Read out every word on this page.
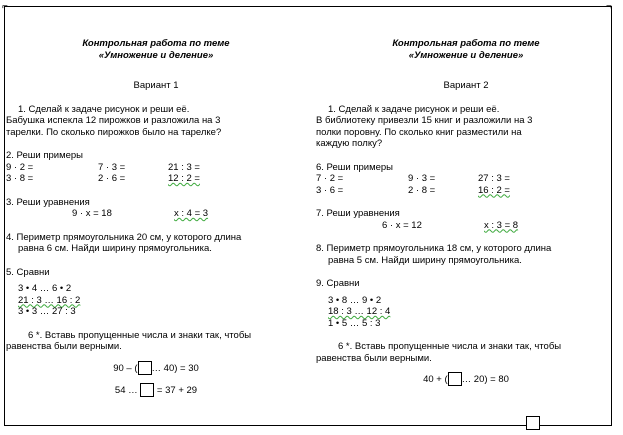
⌐	¬

Контрольная работа по теме

«Умножение и деление»

Вариант 1

1. Сделай к задаче рисунок и реши её.

Бабушка испекла 12 пирожков и разложила на 3

тарелки. По сколько пирожков было на тарелке?

2. Реши примеры

9 · 2 =	7 · 3 =	21 : 3 =
3 · 8 =	2 · 6 =	12 : 2 =

3. Реши уравнения

9 · х = 18	х : 4 = 3

4. Периметр прямоугольника 20 см, у которого длина

равна 6 см. Найди ширину прямоугольника.

5. Сравни

3 • 4 … 6 • 2

21 : 3 … 16 : 2

3 • 3 … 27 : 3

6 *. Вставь пропущенные числа и знаки так, чтобы

равенства были верными.

90 – ( … 40) = 30

54 … = 37 + 29

Контрольная работа по теме

«Умножение и деление»

Вариант 2

1. Сделай к задаче рисунок и реши её.

В библиотеку привезли 15 книг и разложили на 3

полки поровну. По сколько книг разместили на

каждую полку?

6. Реши примеры

7 · 2 =	9 · 3 =	27 : 3 =
3 · 6 =	2 · 8 =	16 : 2 =

7. Реши уравнения

6 · х = 12	х : 3 = 8

8. Периметр прямоугольника 18 см, у которого длина

равна 5 см. Найди ширину прямоугольника.

9. Сравни

3 • 8 … 9 • 2

18 : 3 … 12 : 4

1 • 5 … 5 : 3

6 *. Вставь пропущенные числа и знаки так, чтобы

равенства были верными.

40 + ( … 20) = 80
